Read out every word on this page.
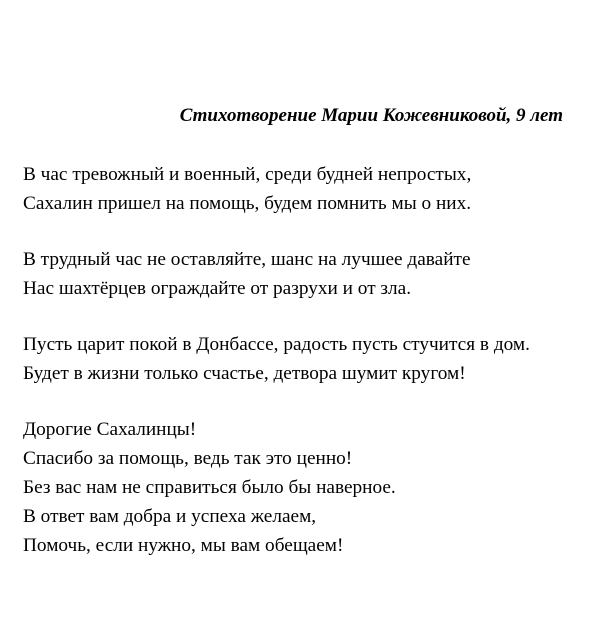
Стихотворение Марии Кожевниковой, 9 лет
В час тревожный и военный, среди будней непростых,
Сахалин пришел на помощь, будем помнить мы о них.
В трудный час не оставляйте, шанс на лучшее давайте
Нас шахтёрцев ограждайте от разрухи и от зла.
Пусть царит покой в Донбассе, радость пусть стучится в дом.
Будет в жизни только счастье, детвора шумит кругом!
Дорогие Сахалинцы!
Спасибо за помощь, ведь так это ценно!
Без вас нам не справиться было бы наверное.
В ответ вам добра и успеха желаем,
Помочь, если нужно, мы вам обещаем!
